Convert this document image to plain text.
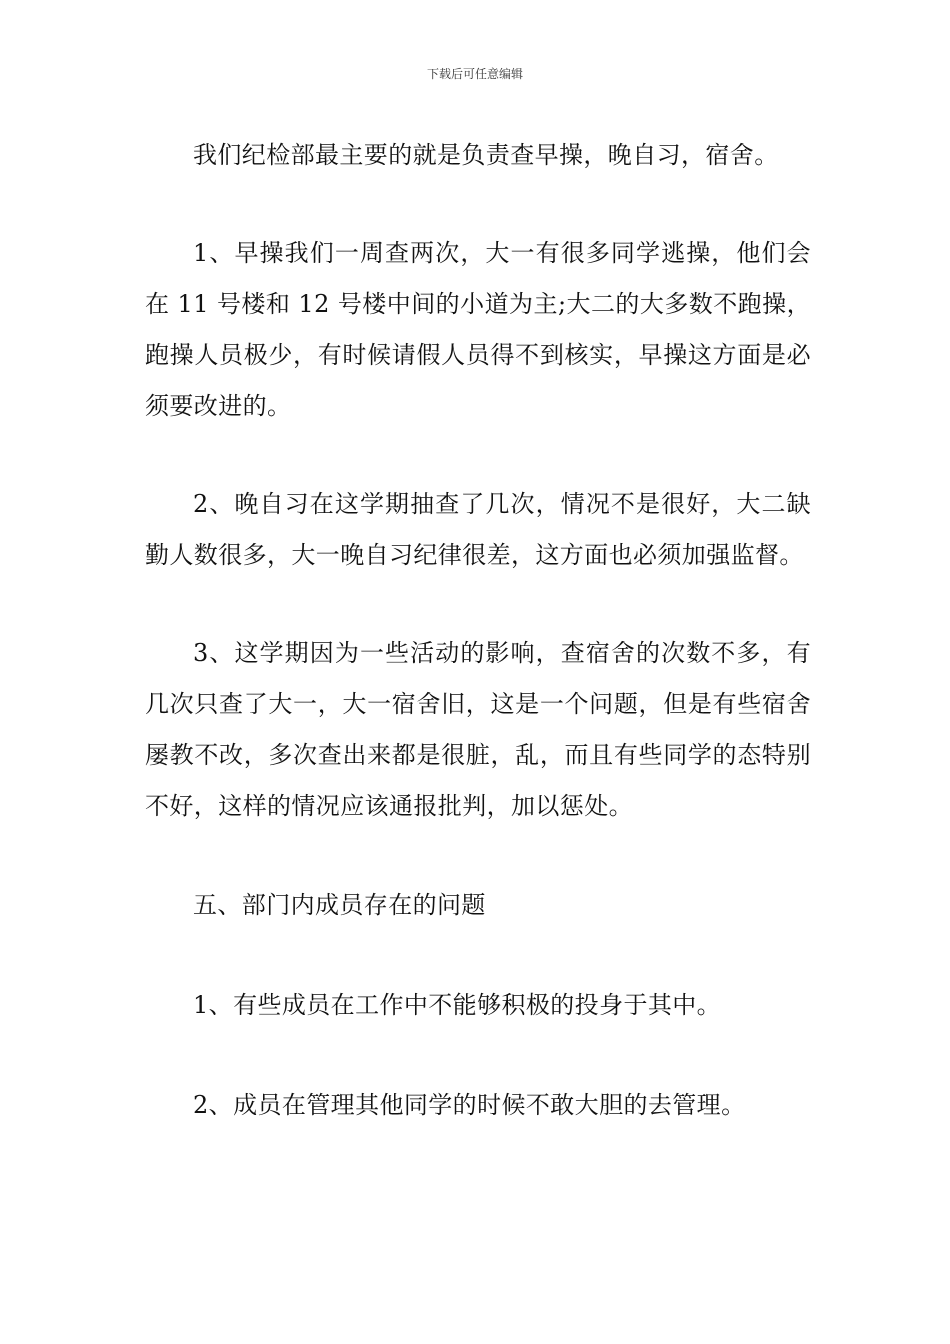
下载后可任意编辑

我们纪检部最主要的就是负责查早操，晚自习，宿舍。

1、早操我们一周查两次，大一有很多同学逃操，他们会在 11 号楼和 12 号楼中间的小道为主;大二的大多数不跑操，跑操人员极少，有时候请假人员得不到核实，早操这方面是必须要改进的。

2、晚自习在这学期抽查了几次，情况不是很好，大二缺勤人数很多，大一晚自习纪律很差，这方面也必须加强监督。

3、这学期因为一些活动的影响，查宿舍的次数不多，有几次只查了大一，大一宿舍旧，这是一个问题，但是有些宿舍屡教不改，多次查出来都是很脏，乱，而且有些同学的态特别不好，这样的情况应该通报批判，加以惩处。

五、部门内成员存在的问题

1、有些成员在工作中不能够积极的投身于其中。

2、成员在管理其他同学的时候不敢大胆的去管理。
